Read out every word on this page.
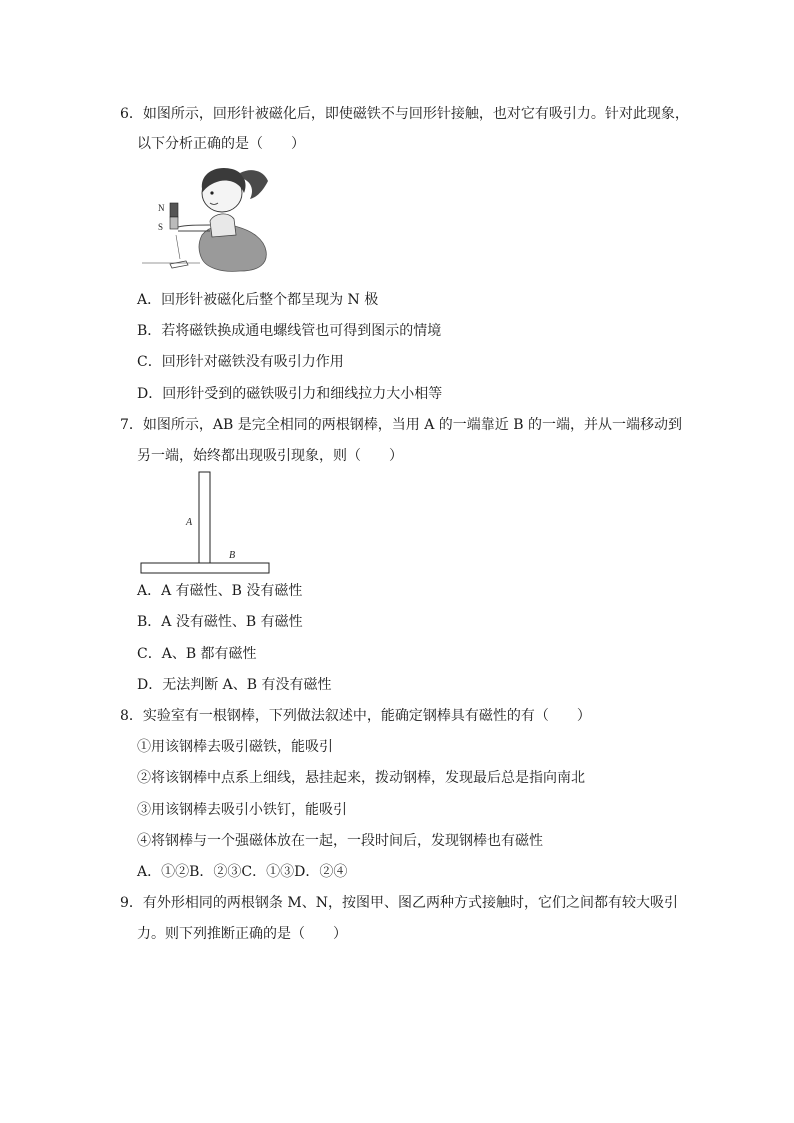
6．如图所示，回形针被磁化后，即使磁铁不与回形针接触，也对它有吸引力。针对此现象，
以下分析正确的是（　　）
N
S
A．回形针被磁化后整个都呈现为 N 极
B．若将磁铁换成通电螺线管也可得到图示的情境
C．回形针对磁铁没有吸引力作用
D．回形针受到的磁铁吸引力和细线拉力大小相等
7．如图所示，AB 是完全相同的两根钢棒，当用 A 的一端靠近 B 的一端，并从一端移动到
另一端，始终都出现吸引现象，则（　　）
A
B
A．A 有磁性、B 没有磁性
B．A 没有磁性、B 有磁性
C．A、B 都有磁性
D．无法判断 A、B 有没有磁性
8．实验室有一根钢棒，下列做法叙述中，能确定钢棒具有磁性的有（　　）
①用该钢棒去吸引磁铁，能吸引
②将该钢棒中点系上细线，悬挂起来，拨动钢棒，发现最后总是指向南北
③用该钢棒去吸引小铁钉，能吸引
④将钢棒与一个强磁体放在一起，一段时间后，发现钢棒也有磁性
A．①②B．②③C．①③D．②④
9．有外形相同的两根钢条 M、N，按图甲、图乙两种方式接触时，它们之间都有较大吸引
力。则下列推断正确的是（　　）
